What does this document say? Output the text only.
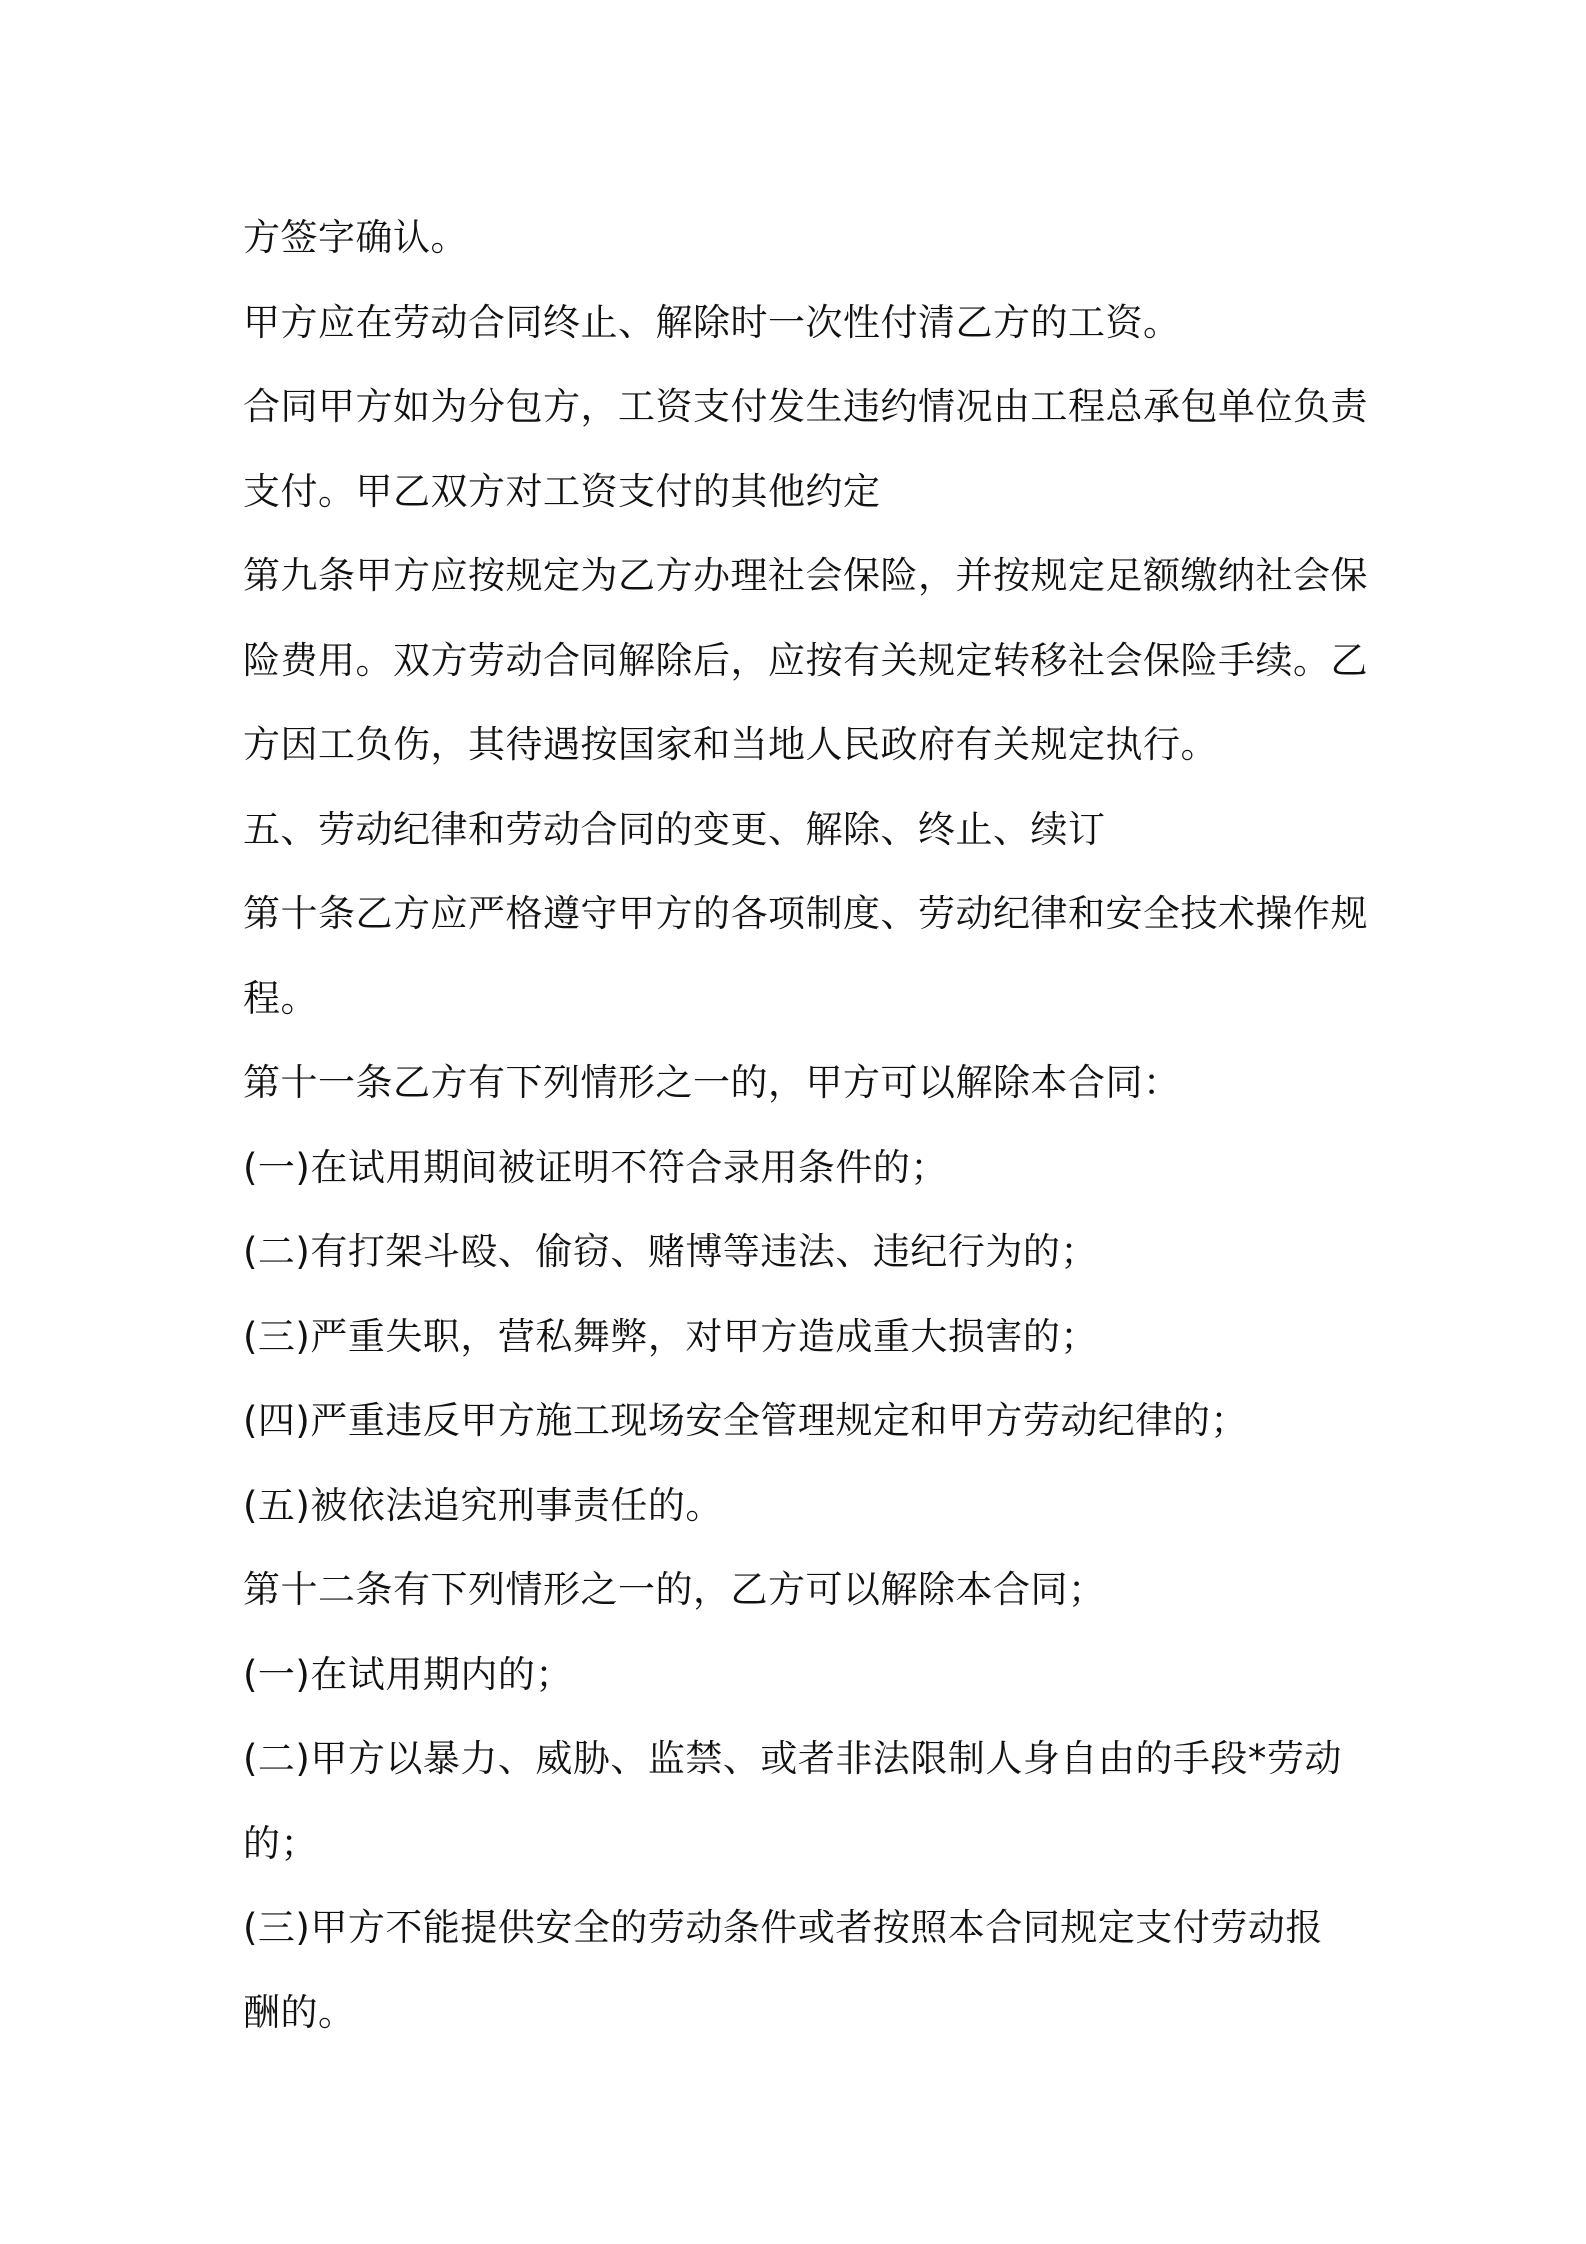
方签字确认。
甲方应在劳动合同终止、解除时一次性付清乙方的工资。
合同甲方如为分包方，工资支付发生违约情况由工程总承包单位负责
支付。甲乙双方对工资支付的其他约定
第九条甲方应按规定为乙方办理社会保险，并按规定足额缴纳社会保
险费用。双方劳动合同解除后，应按有关规定转移社会保险手续。乙
方因工负伤，其待遇按国家和当地人民政府有关规定执行。
五、劳动纪律和劳动合同的变更、解除、终止、续订
第十条乙方应严格遵守甲方的各项制度、劳动纪律和安全技术操作规
程。
第十一条乙方有下列情形之一的，甲方可以解除本合同：
(一)在试用期间被证明不符合录用条件的；
(二)有打架斗殴、偷窃、赌博等违法、违纪行为的；
(三)严重失职，营私舞弊，对甲方造成重大损害的；
(四)严重违反甲方施工现场安全管理规定和甲方劳动纪律的；
(五)被依法追究刑事责任的。
第十二条有下列情形之一的，乙方可以解除本合同；
(一)在试用期内的；
(二)甲方以暴力、威胁、监禁、或者非法限制人身自由的手段*劳动
的；
(三)甲方不能提供安全的劳动条件或者按照本合同规定支付劳动报
酬的。
